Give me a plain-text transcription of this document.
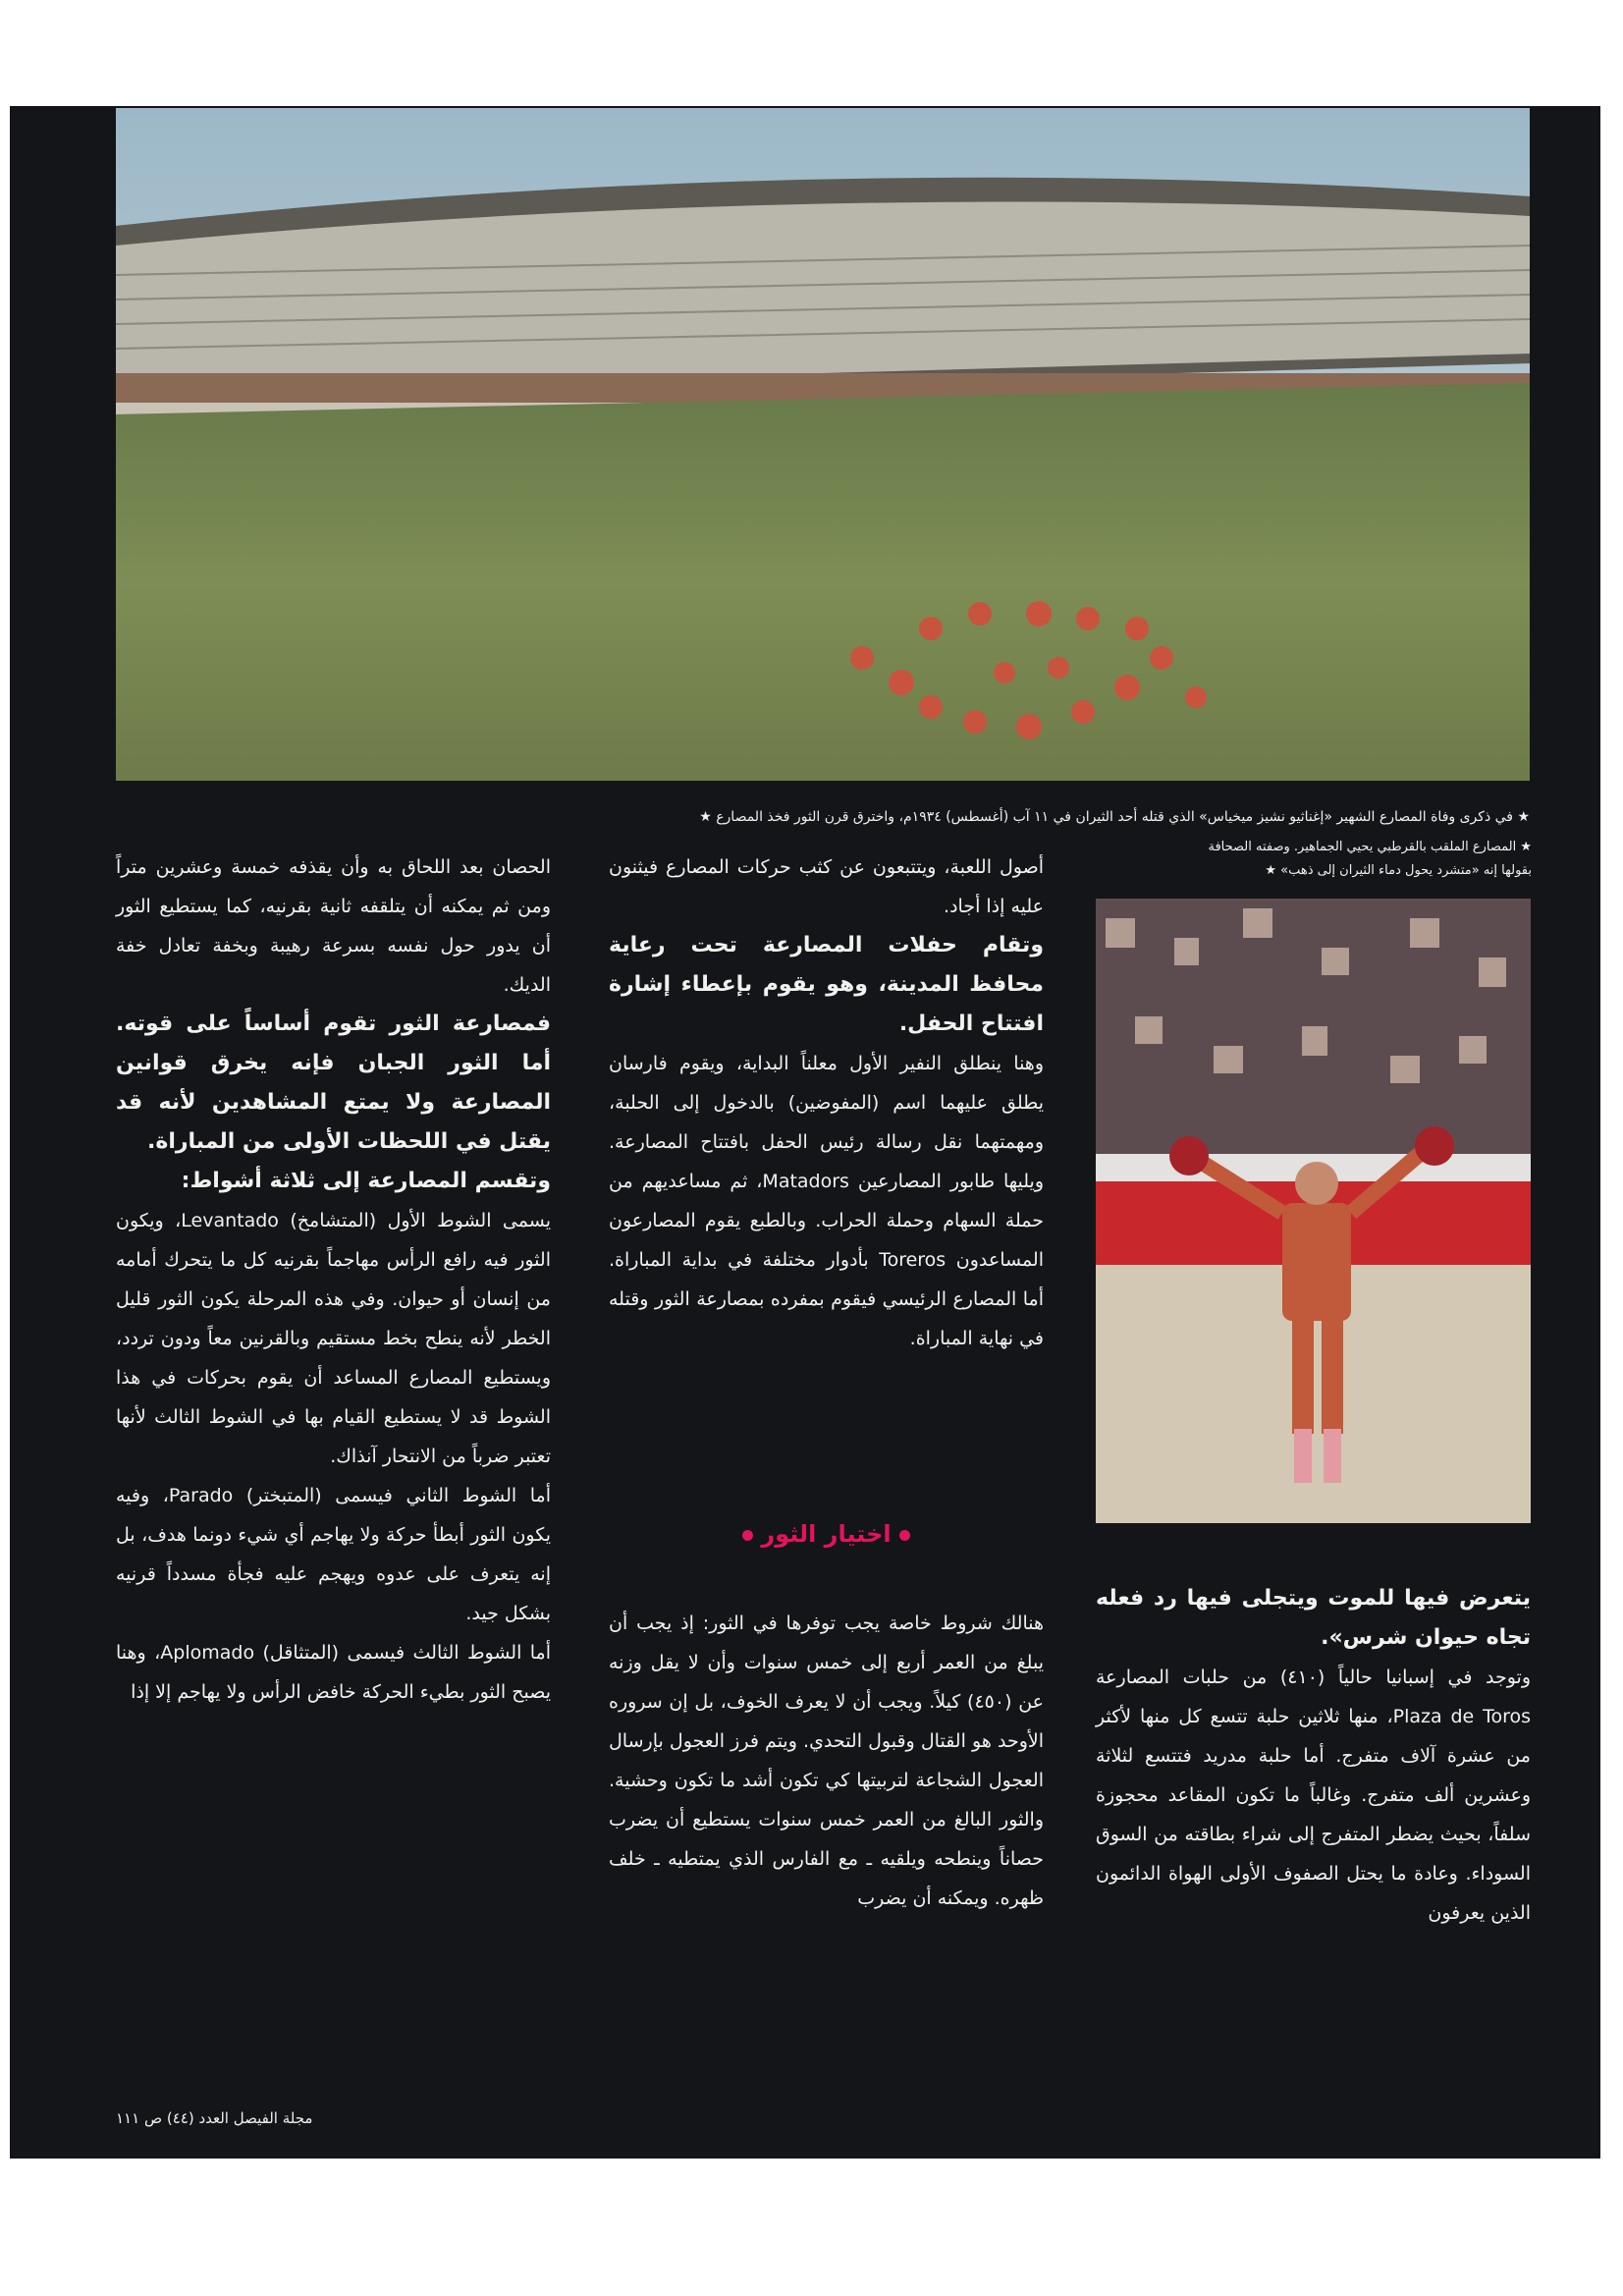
★ في ذكرى وفاة المصارع الشهير «إغناثيو نشيز ميخياس» الذي قتله أحد الثيران في ١١ آب (أغسطس) ١٩٣٤م، واخترق قرن الثور فخذ المصارع ★
★ المصارع الملقب بالقرطبي يحيي الجماهير. وصفته الصحافة
بقولها إنه «متشرد يحول دماء الثيران إلى ذهب» ★

يتعرض فيها للموت ويتجلى فيها رد فعله تجاه حيوان شرس».

وتوجد في إسبانيا حالياً (٤١٠) من حلبات المصارعة Plaza de Toros، منها ثلاثين حلبة تتسع كل منها لأكثر من عشرة آلاف متفرج. أما حلبة مدريد فتتسع لثلاثة وعشرين ألف متفرج. وغالباً ما تكون المقاعد محجوزة سلفاً، بحيث يضطر المتفرج إلى شراء بطاقته من السوق السوداء. وعادة ما يحتل الصفوف الأولى الهواة الدائمون الذين يعرفون

أصول اللعبة، ويتتبعون عن كثب حركات المصارع فيثنون عليه إذا أجاد.

وتقام حفلات المصارعة تحت رعاية محافظ المدينة، وهو يقوم بإعطاء إشارة افتتاح الحفل.

وهنا ينطلق النفير الأول معلناً البداية، ويقوم فارسان يطلق عليهما اسم (المفوضين) بالدخول إلى الحلبة، ومهمتهما نقل رسالة رئيس الحفل بافتتاح المصارعة. ويليها طابور المصارعين Matadors، ثم مساعديهم من حملة السهام وحملة الحراب. وبالطبع يقوم المصارعون المساعدون Toreros بأدوار مختلفة في بداية المباراة. أما المصارع الرئيسي فيقوم بمفرده بمصارعة الثور وقتله في نهاية المباراة.

اختيار الثور

هنالك شروط خاصة يجب توفرها في الثور: إذ يجب أن يبلغ من العمر أربع إلى خمس سنوات وأن لا يقل وزنه عن (٤٥٠) كيلاً. ويجب أن لا يعرف الخوف، بل إن سروره الأوحد هو القتال وقبول التحدي. ويتم فرز العجول بإرسال العجول الشجاعة لتربيتها كي تكون أشد ما تكون وحشية. والثور البالغ من العمر خمس سنوات يستطيع أن يضرب حصاناً وينطحه ويلقيه ـ مع الفارس الذي يمتطيه ـ خلف ظهره. ويمكنه أن يضرب

الحصان بعد اللحاق به وأن يقذفه خمسة وعشرين متراً ومن ثم يمكنه أن يتلقفه ثانية بقرنيه، كما يستطيع الثور أن يدور حول نفسه بسرعة رهيبة وبخفة تعادل خفة الديك.

فمصارعة الثور تقوم أساساً على قوته. أما الثور الجبان فإنه يخرق قوانين المصارعة ولا يمتع المشاهدين لأنه قد يقتل في اللحظات الأولى من المباراة.

وتقسم المصارعة إلى ثلاثة أشواط:

يسمى الشوط الأول (المتشامخ) Levantado، ويكون الثور فيه رافع الرأس مهاجماً بقرنيه كل ما يتحرك أمامه من إنسان أو حيوان. وفي هذه المرحلة يكون الثور قليل الخطر لأنه ينطح بخط مستقيم وبالقرنين معاً ودون تردد، ويستطيع المصارع المساعد أن يقوم بحركات في هذا الشوط قد لا يستطيع القيام بها في الشوط الثالث لأنها تعتبر ضرباً من الانتحار آنذاك.

أما الشوط الثاني فيسمى (المتبختر) Parado، وفيه يكون الثور أبطأ حركة ولا يهاجم أي شيء دونما هدف، بل إنه يتعرف على عدوه ويهجم عليه فجأة مسدداً قرنيه بشكل جيد.

أما الشوط الثالث فيسمى (المتثاقل) Aplomado، وهنا يصبح الثور بطيء الحركة خافض الرأس ولا يهاجم إلا إذا

مجلة الفيصل العدد (٤٤) ص ١١١
